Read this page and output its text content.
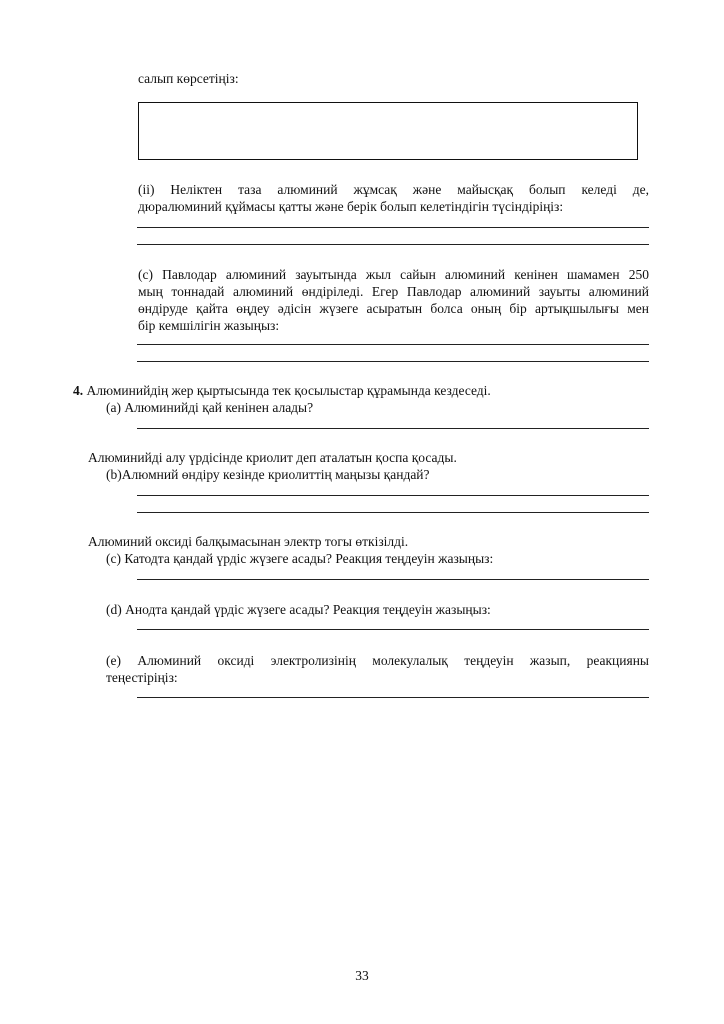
салып көрсетіңіз:
(ii) Неліктен таза алюминий жұмсақ және майысқақ болып келеді де,
дюралюминий құймасы қатты және берік болып келетіндігін түсіндіріңіз:
(c) Павлодар алюминий зауытында жыл сайын алюминий кенінен шамамен 250
мың тоннадай алюминий өндіріледі. Егер Павлодар алюминий зауыты алюминий
өндіруде қайта өңдеу әдісін жүзеге асыратын болса оның бір артықшылығы мен
бір кемшілігін жазыңыз:
4. Алюминийдің жер қыртысында тек қосылыстар құрамында кездеседі.
(a) Алюминийді қай кенінен алады?
Алюминийді алу үрдісінде криолит деп аталатын қоспа қосады.
(b)Алюмний өндіру кезінде криолиттің маңызы қандай?
Алюминий оксиді балқымасынан электр тогы өткізілді.
(c) Катодта қандай үрдіс жүзеге асады? Реакция теңдеуін жазыңыз:
(d) Анодта қандай үрдіс жүзеге асады? Реакция теңдеуін жазыңыз:
(e) Алюминий оксиді электролизінің молекулалық теңдеуін жазып, реакцияны
теңестіріңіз:
33
